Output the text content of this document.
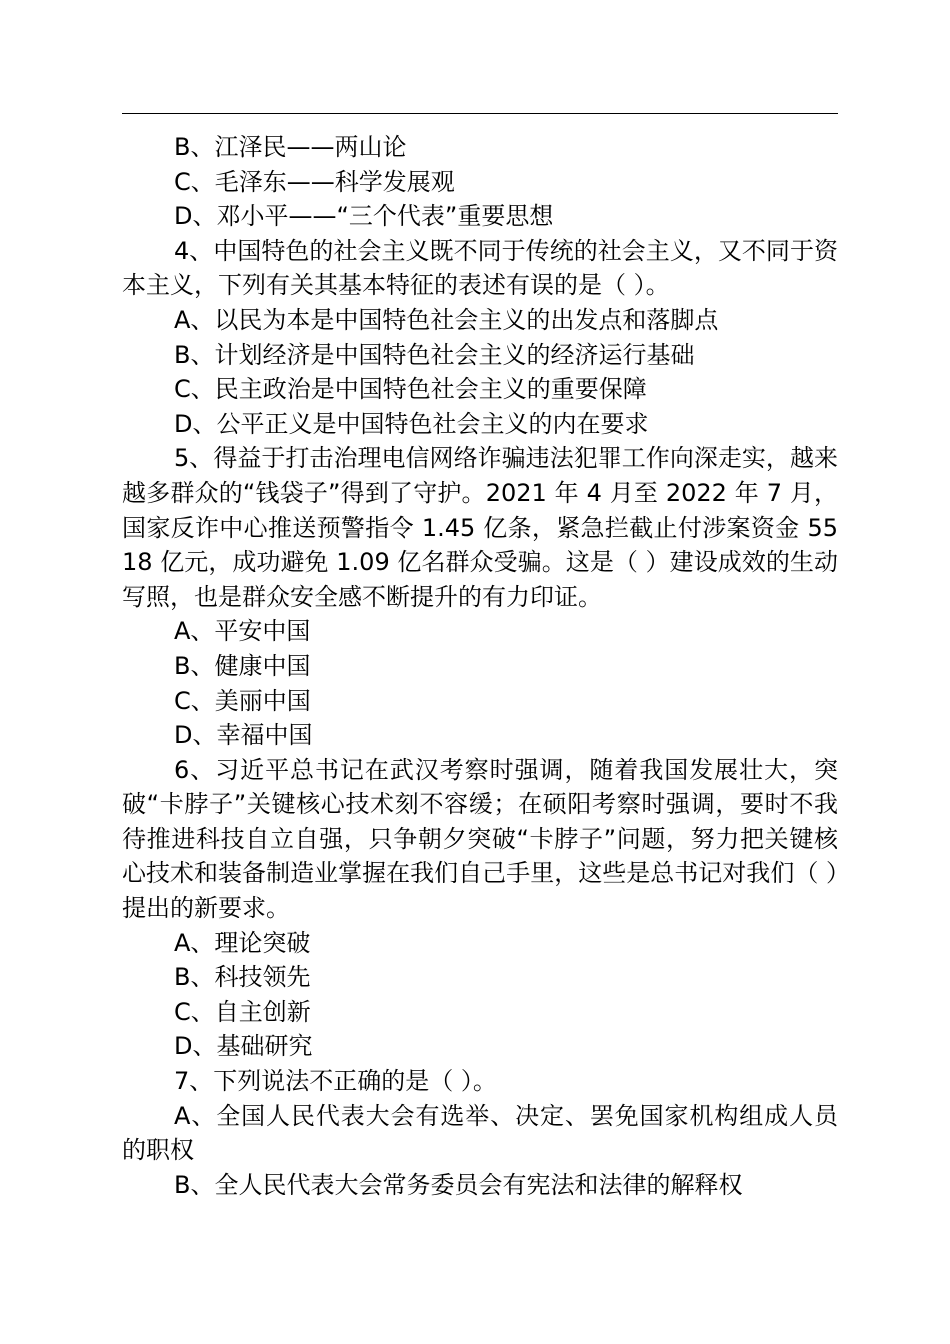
B、江泽民——两山论

C、毛泽东——科学发展观

D、邓小平——“三个代表”重要思想

4、中国特色的社会主义既不同于传统的社会主义，又不同于资本主义，下列有关其基本特征的表述有误的是（ ）。

A、以民为本是中国特色社会主义的出发点和落脚点

B、计划经济是中国特色社会主义的经济运行基础

C、民主政治是中国特色社会主义的重要保障

D、公平正义是中国特色社会主义的内在要求

5、得益于打击治理电信网络诈骗违法犯罪工作向深走实，越来越多群众的“钱袋子”得到了守护。2021 年 4 月至 2022 年 7 月，国家反诈中心推送预警指令 1.45 亿条，紧急拦截止付涉案资金 5518 亿元，成功避免 1.09 亿名群众受骗。这是（ ）建设成效的生动写照，也是群众安全感不断提升的有力印证。

A、平安中国

B、健康中国

C、美丽中国

D、幸福中国

6、习近平总书记在武汉考察时强调，随着我国发展壮大，突破“卡脖子”关键核心技术刻不容缓；在硕阳考察时强调，要时不我待推进科技自立自强，只争朝夕突破“卡脖子”问题，努力把关键核心技术和装备制造业掌握在我们自己手里，这些是总书记对我们（ ）提出的新要求。

A、理论突破

B、科技领先

C、自主创新

D、基础研究

7、下列说法不正确的是（ ）。

A、全国人民代表大会有选举、决定、罢免国家机构组成人员的职权

B、全人民代表大会常务委员会有宪法和法律的解释权
